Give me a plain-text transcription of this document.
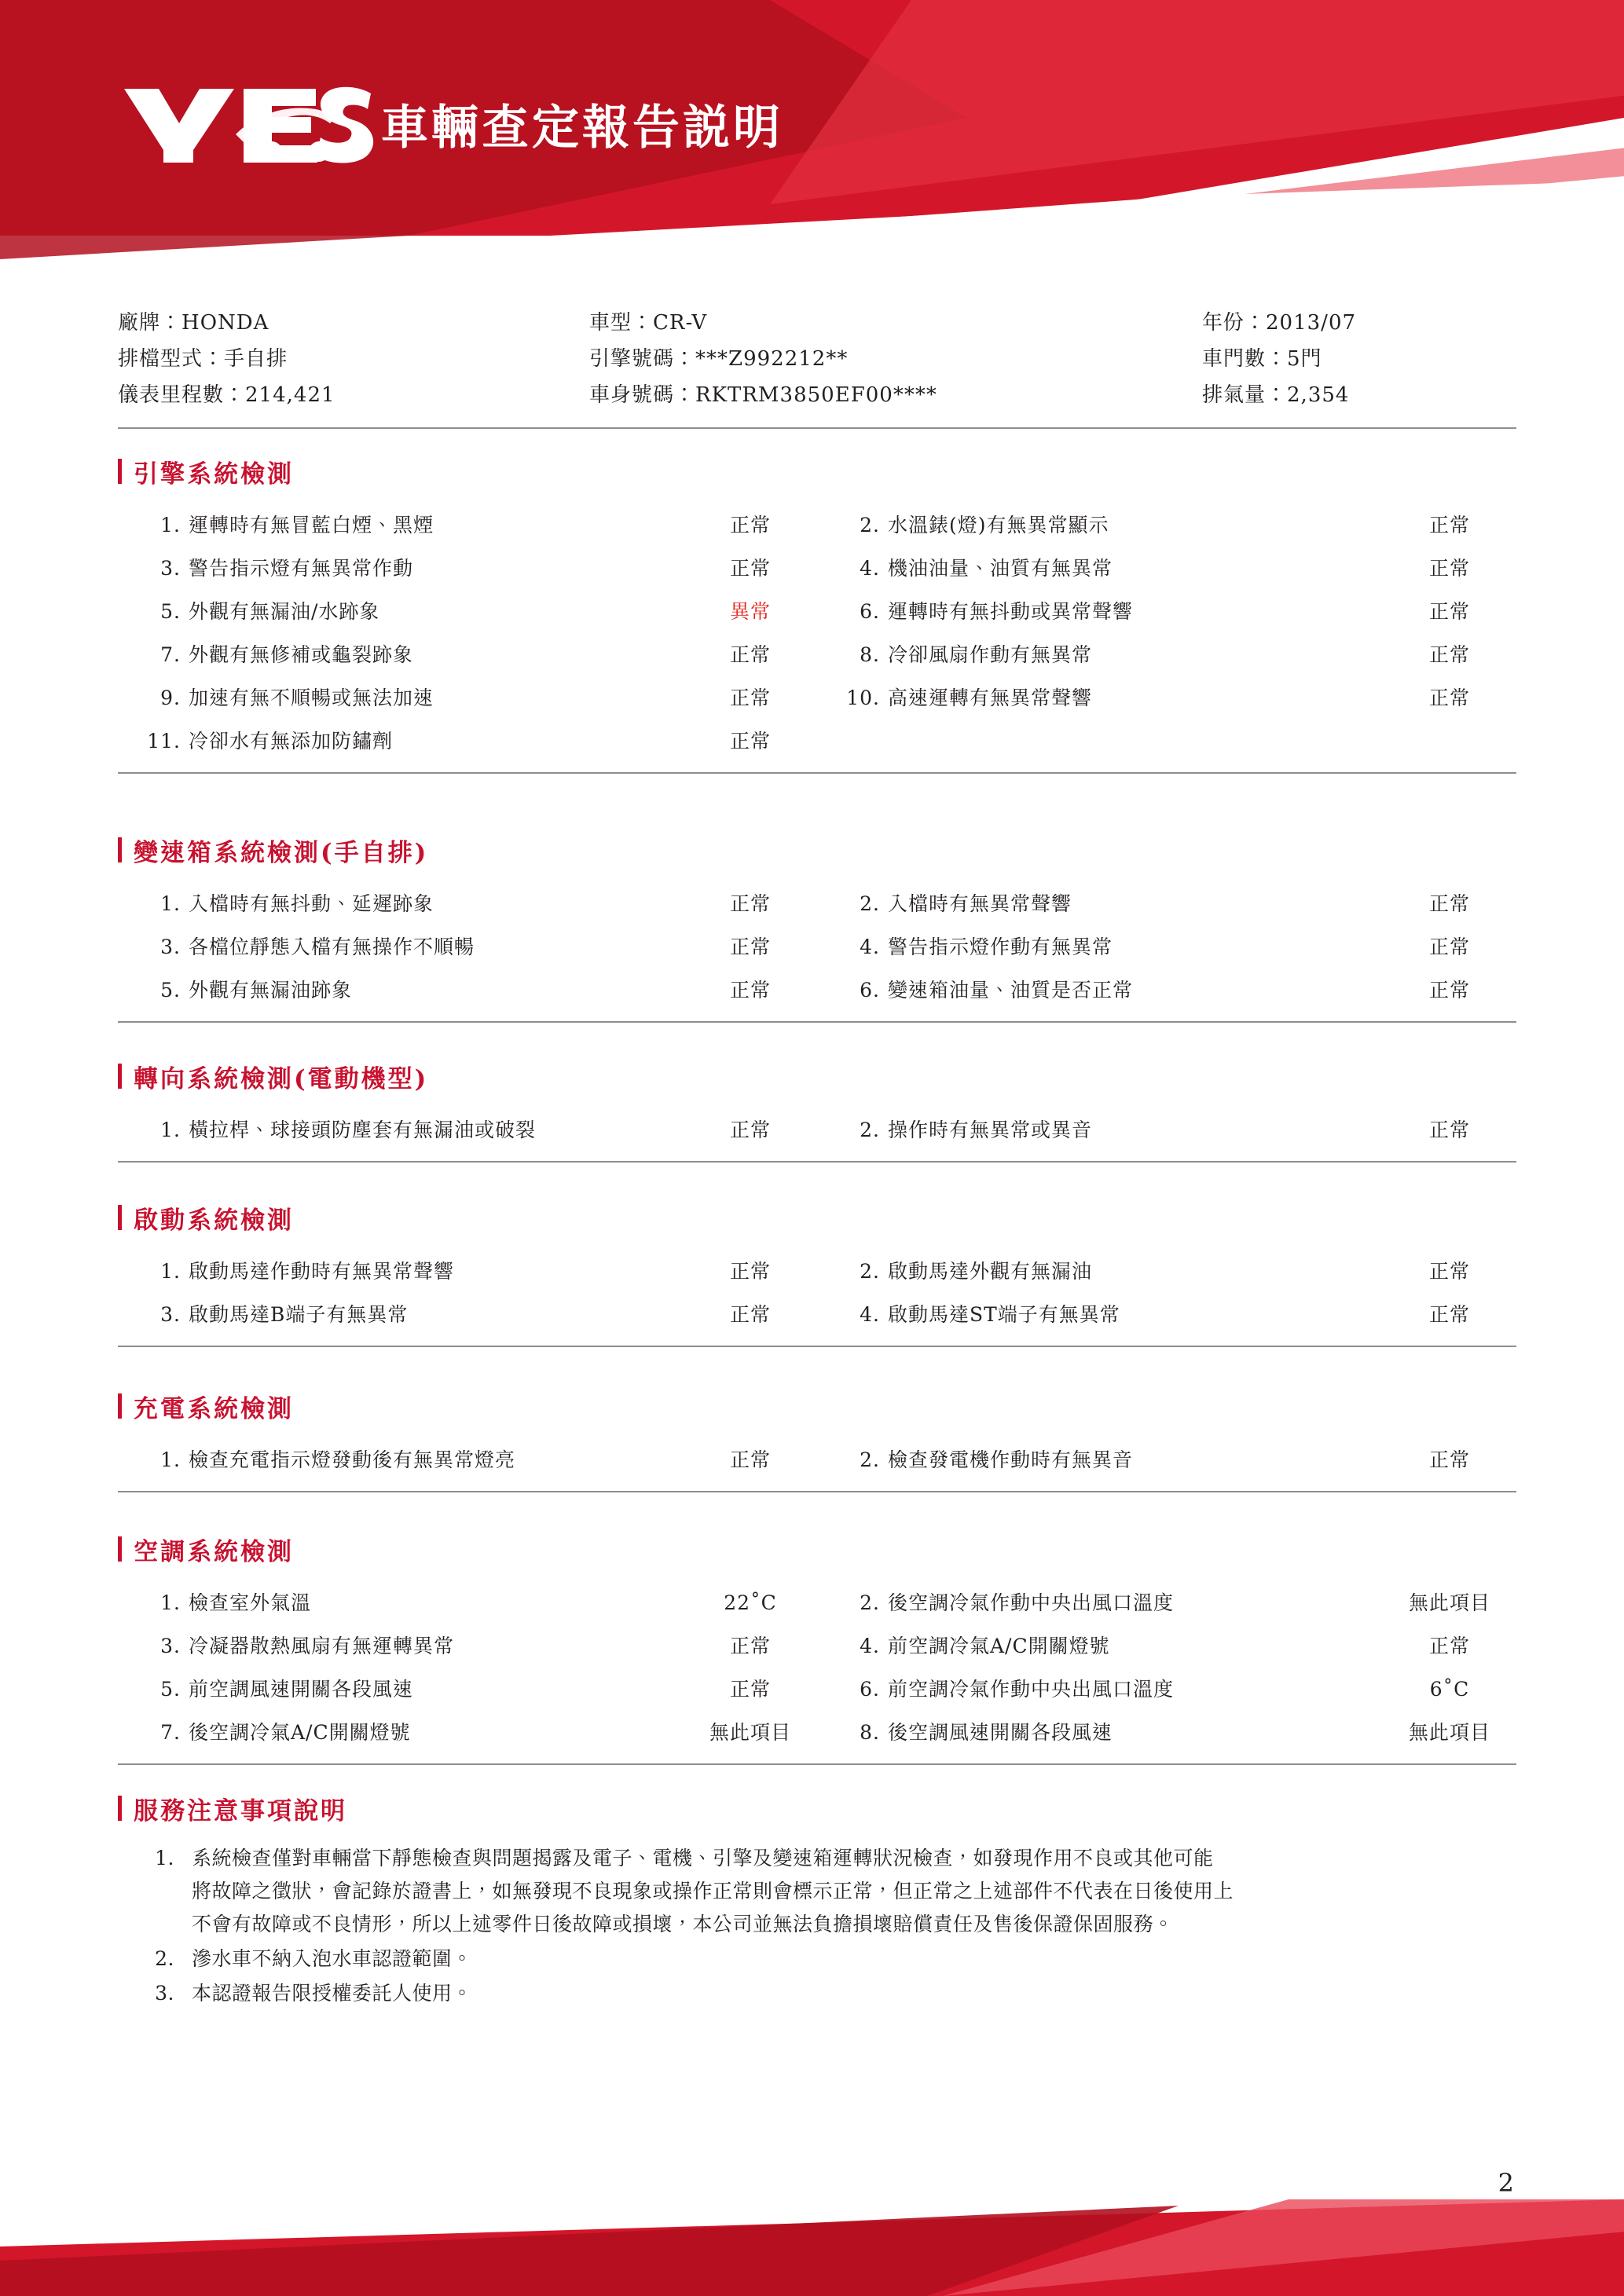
車輛查定報告説明
廠牌：HONDA	車型：CR-V	年份：2013/07
排檔型式：手自排	引擎號碼：***Z992212**	車門數：5門
儀表里程數：214,421	車身號碼：RKTRM3850EF00****	排氣量：2,354
引擎系統檢測
1. 運轉時有無冒藍白煙、黑煙	正常	2. 水溫錶(燈)有無異常顯示	正常
3. 警告指示燈有無異常作動	正常	4. 機油油量、油質有無異常	正常
5. 外觀有無漏油/水跡象	異常	6. 運轉時有無抖動或異常聲響	正常
7. 外觀有無修補或龜裂跡象	正常	8. 冷卻風扇作動有無異常	正常
9. 加速有無不順暢或無法加速	正常	10. 高速運轉有無異常聲響	正常
11. 冷卻水有無添加防鏽劑	正常
變速箱系統檢測(手自排)
1. 入檔時有無抖動、延遲跡象	正常	2. 入檔時有無異常聲響	正常
3. 各檔位靜態入檔有無操作不順暢	正常	4. 警告指示燈作動有無異常	正常
5. 外觀有無漏油跡象	正常	6. 變速箱油量、油質是否正常	正常
轉向系統檢測(電動機型)
1. 橫拉桿、球接頭防塵套有無漏油或破裂	正常	2. 操作時有無異常或異音	正常
啟動系統檢測
1. 啟動馬達作動時有無異常聲響	正常	2. 啟動馬達外觀有無漏油	正常
3. 啟動馬達B端子有無異常	正常	4. 啟動馬達ST端子有無異常	正常
充電系統檢測
1. 檢查充電指示燈發動後有無異常燈亮	正常	2. 檢查發電機作動時有無異音	正常
空調系統檢測
1. 檢查室外氣溫	22˚C	2. 後空調冷氣作動中央出風口溫度	無此項目
3. 冷凝器散熱風扇有無運轉異常	正常	4. 前空調冷氣A/C開關燈號	正常
5. 前空調風速開關各段風速	正常	6. 前空調冷氣作動中央出風口溫度	6˚C
7. 後空調冷氣A/C開關燈號	無此項目	8. 後空調風速開關各段風速	無此項目
服務注意事項說明
1. 系統檢查僅對車輛當下靜態檢查與問題揭露及電子、電機、引擎及變速箱運轉狀況檢查，如發現作用不良或其他可能
將故障之徵狀，會記錄於證書上，如無發現不良現象或操作正常則會標示正常，但正常之上述部件不代表在日後使用上
不會有故障或不良情形，所以上述零件日後故障或損壞，本公司並無法負擔損壞賠償責任及售後保證保固服務。
2. 滲水車不納入泡水車認證範圍。
3. 本認證報告限授權委託人使用。
2
